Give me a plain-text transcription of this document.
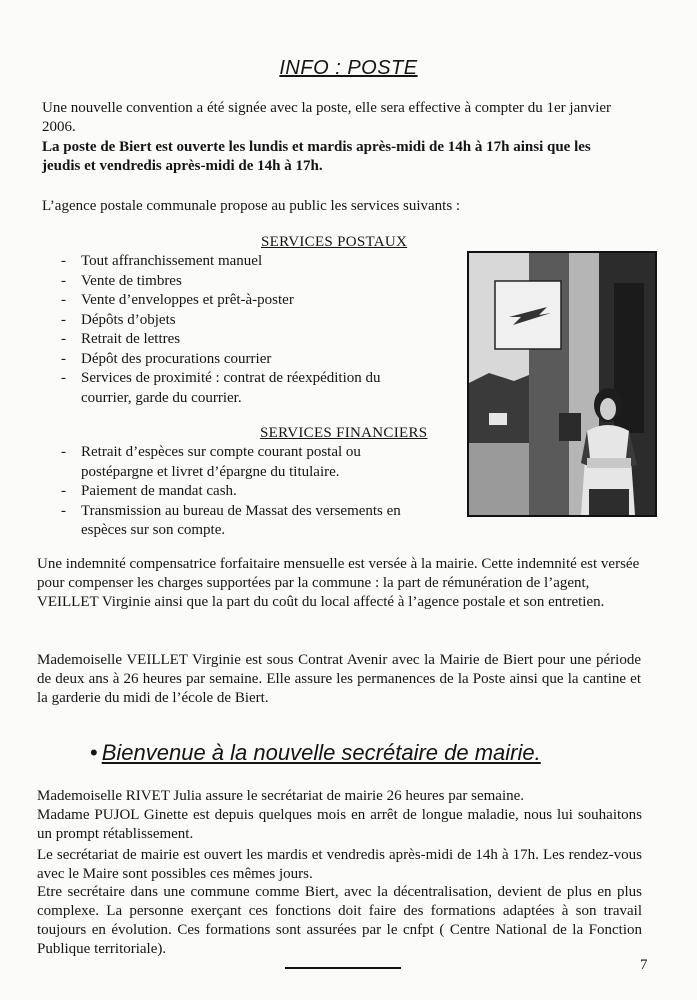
INFO : POSTE
Une nouvelle convention a été signée avec la poste, elle sera effective à compter du 1er janvier 2006.
La poste de Biert est ouverte les lundis et mardis après-midi de 14h à 17h ainsi que les jeudis et vendredis après-midi de 14h à 17h.
L’agence postale communale propose au public les services suivants :
SERVICES POSTAUX
- Tout affranchissement manuel
- Vente de timbres
- Vente d’enveloppes et prêt-à-poster
- Dépôts d’objets
- Retrait de lettres
- Dépôt des procurations courrier
- Services de proximité : contrat de réexpédition du courrier, garde du courrier.
SERVICES FINANCIERS
- Retrait d’espèces sur compte courant postal ou postépargne et livret d’épargne du titulaire.
- Paiement de mandat cash.
- Transmission au bureau de Massat des versements en espèces sur son compte.
Une indemnité compensatrice forfaitaire mensuelle est versée à la mairie. Cette indemnité est versée pour compenser les charges supportées par la commune : la part de rémunération de l’agent, VEILLET Virginie ainsi que la part du coût du local affecté à l’agence postale et son entretien.
Mademoiselle VEILLET Virginie est sous Contrat Avenir avec la Mairie de Biert pour une période de deux ans à 26 heures par semaine. Elle assure les permanences de la Poste ainsi que la cantine et la garderie du midi de l’école de Biert.
• Bienvenue à la nouvelle secrétaire de mairie.
Mademoiselle RIVET Julia assure le secrétariat de mairie 26 heures par semaine.
Madame PUJOL Ginette est depuis quelques mois en arrêt de longue maladie, nous lui souhaitons un prompt rétablissement.
Le secrétariat de mairie est ouvert les mardis et vendredis après-midi de 14h à 17h. Les rendez-vous avec le Maire sont possibles ces mêmes jours.
Etre secrétaire dans une commune comme Biert, avec la décentralisation, devient de plus en plus complexe. La personne exerçant ces fonctions doit faire des formations adaptées à son travail toujours en évolution. Ces formations sont assurées par le cnfpt ( Centre National de la Fonction Publique territoriale).
7
